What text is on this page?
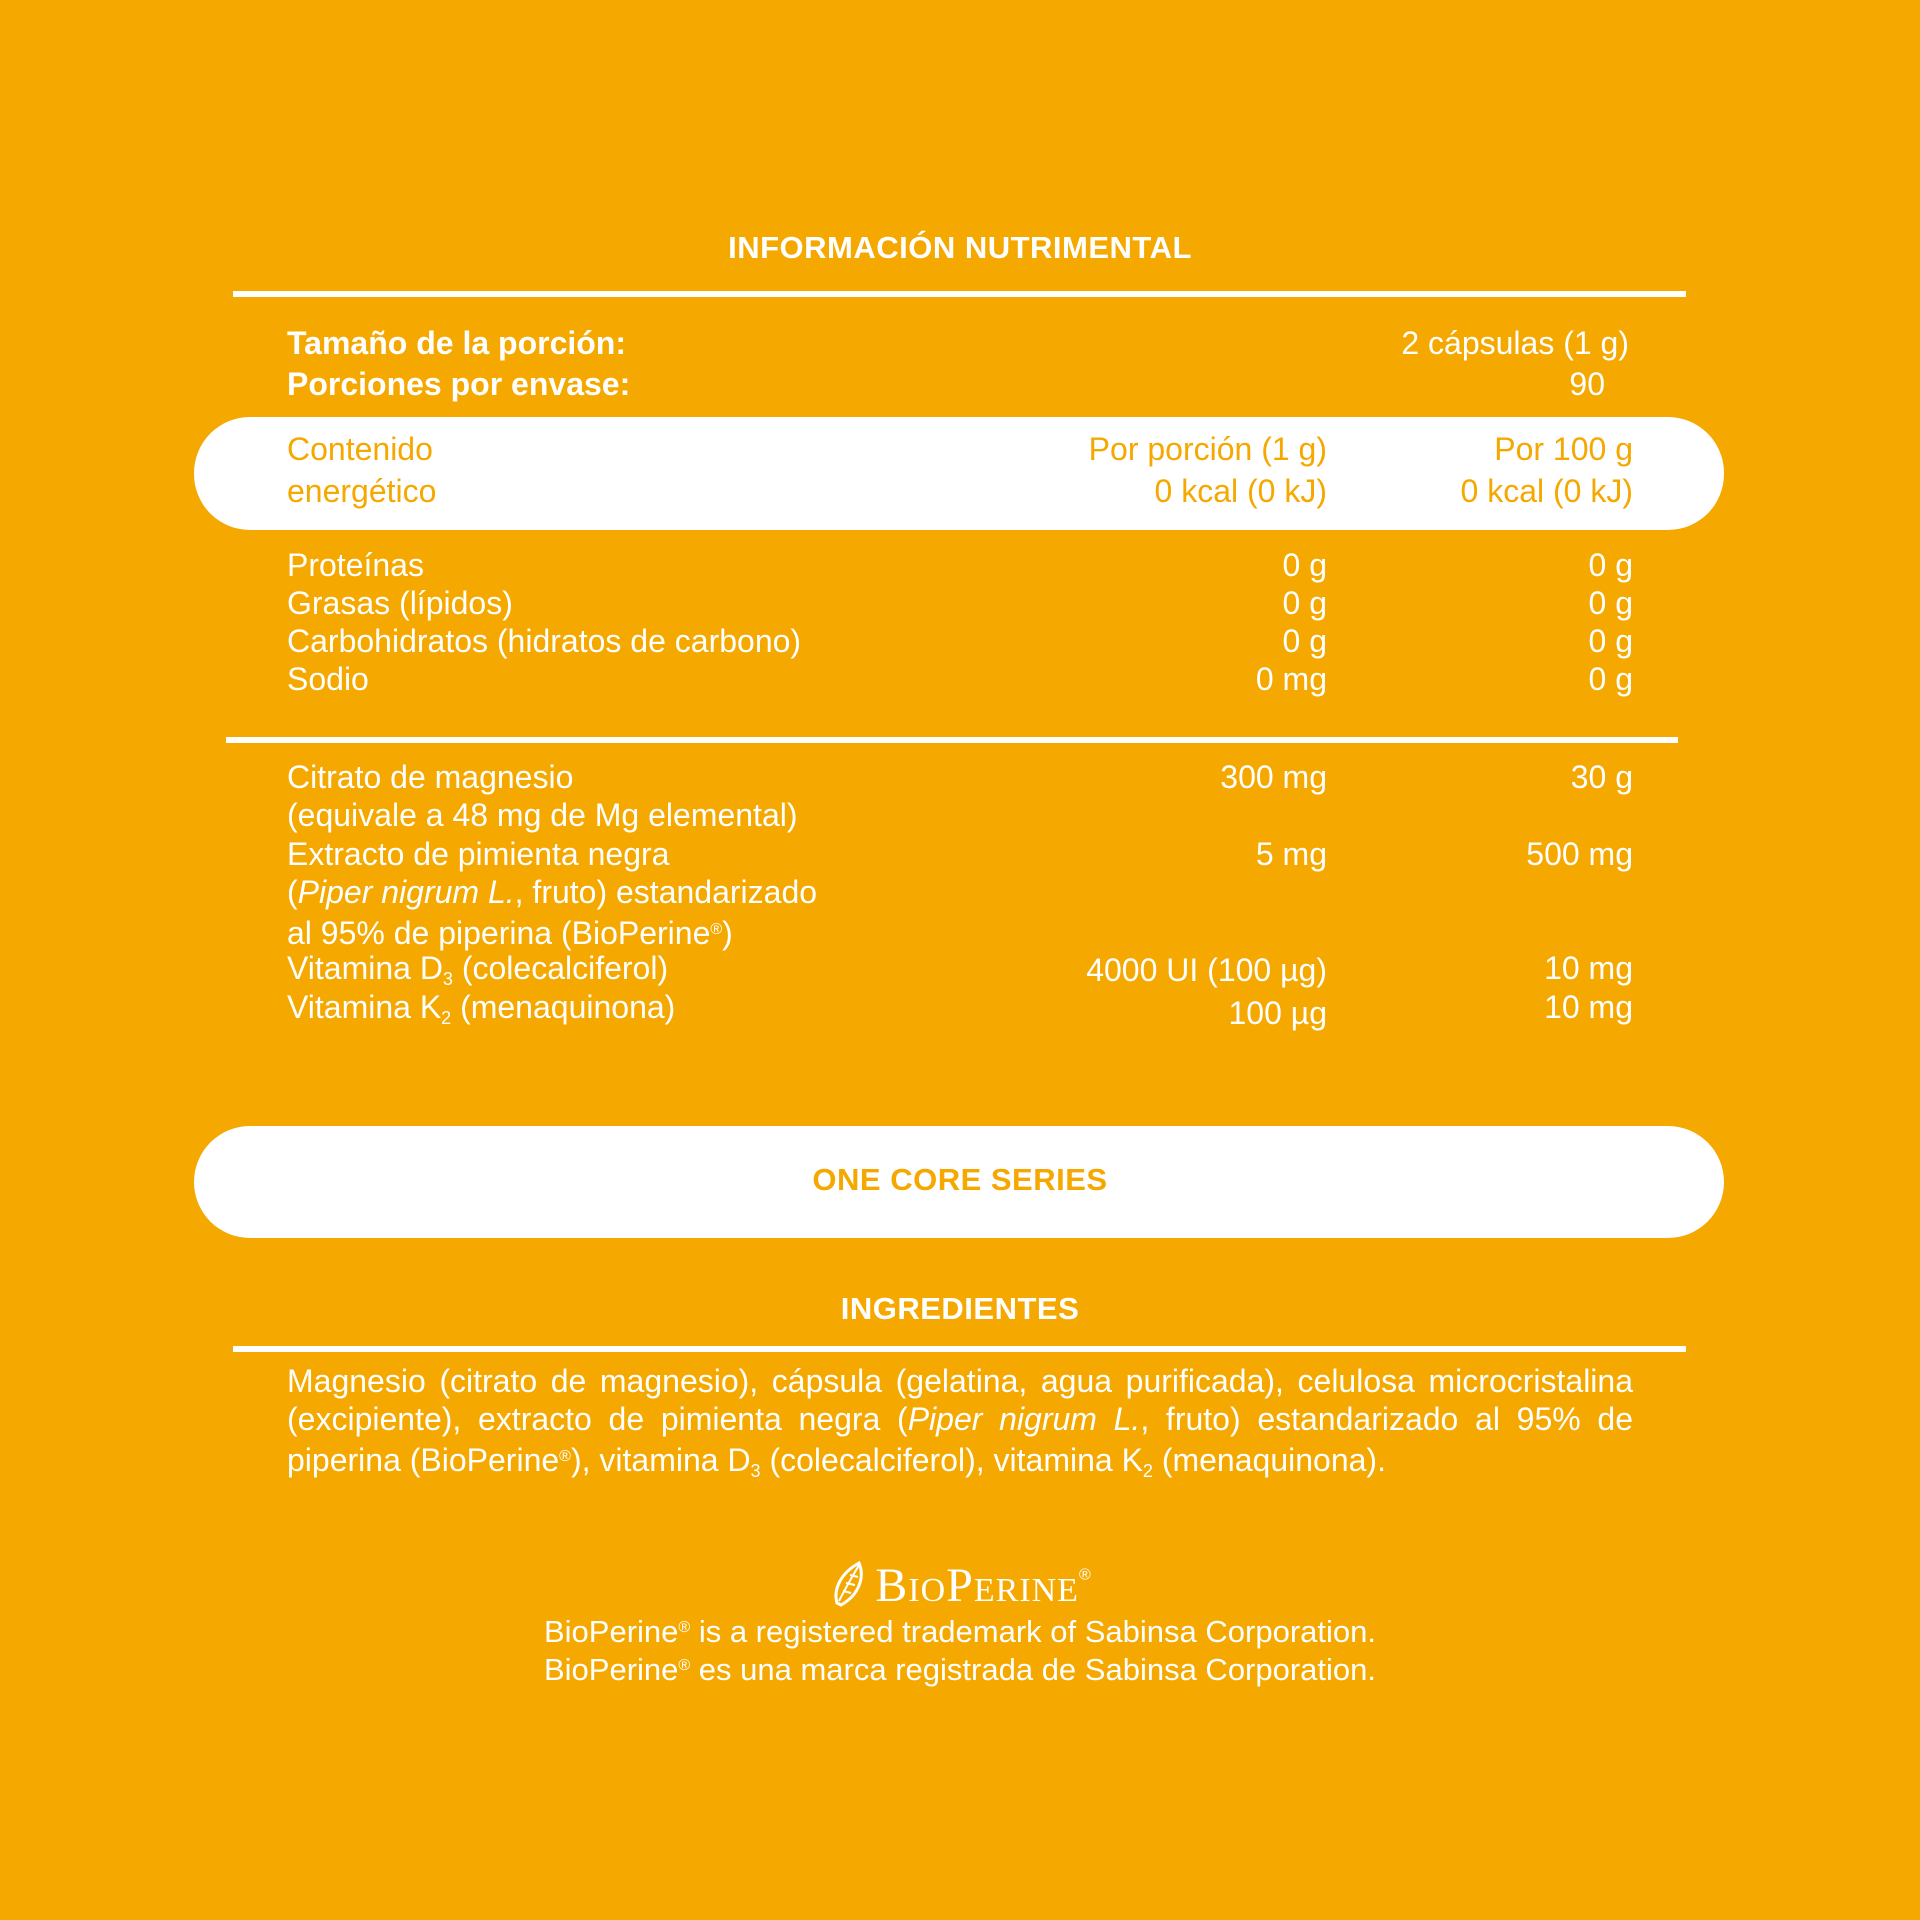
INFORMACIÓN NUTRIMENTAL
Tamaño de la porción:	2 cápsulas (1 g)
Porciones por envase:	90
Contenido	Por porción (1 g)	Por 100 g
energético	0 kcal (0 kJ)	0 kcal (0 kJ)
Proteínas	0 g	0 g
Grasas (lípidos)	0 g	0 g
Carbohidratos (hidratos de carbono)	0 g	0 g
Sodio	0 mg	0 g
Citrato de magnesio	300 mg	30 g
(equivale a 48 mg de Mg elemental)
Extracto de pimienta negra	5 mg	500 mg
(Piper nigrum L., fruto) estandarizado
al 95% de piperina (BioPerine®)
Vitamina $D_3$ (colecalciferol)	4000 UI (100 µg)	10 mg
Vitamina $K_2$ (menaquinona)	100 µg	10 mg
ONE CORE SERIES
INGREDIENTES
Magnesio (citrato de magnesio), cápsula (gelatina, agua purificada), celulosa microcristalina (excipiente), extracto de pimienta negra (Piper nigrum L., fruto) estandarizado al 95% de piperina (BioPerine®), vitamina $D_3$ (colecalciferol), vitamina $K_2$ (menaquinona).
BioPerine®
BioPerine® is a registered trademark of Sabinsa Corporation.
BioPerine® es una marca registrada de Sabinsa Corporation.
